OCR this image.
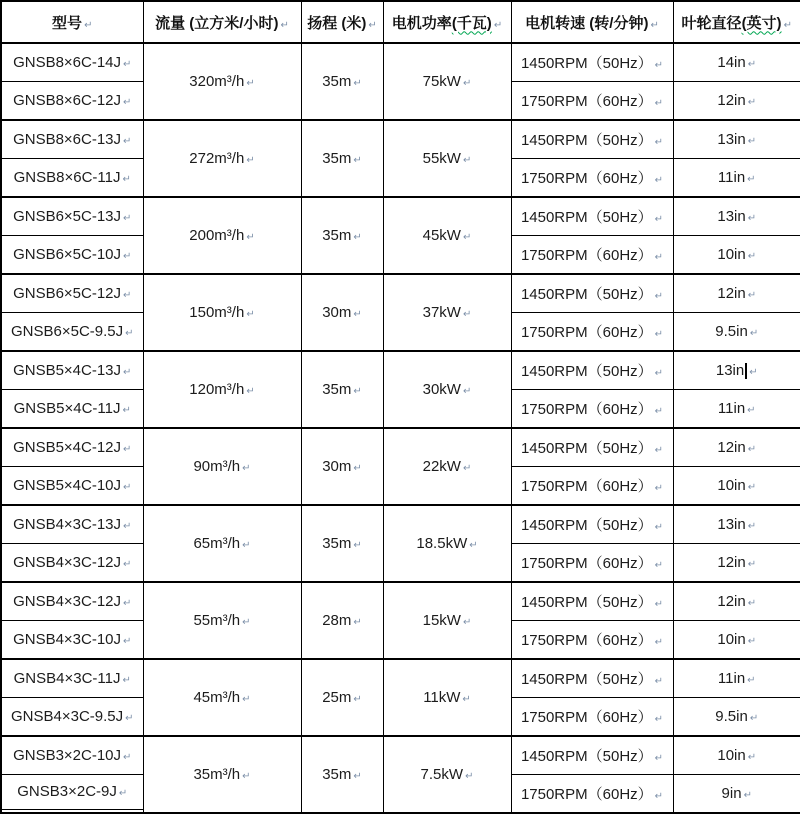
型号 ↵	流量 (立方米/小时) ↵	扬程 (米) ↵	电机功率(千瓦) ↵	电机转速 (转/分钟) ↵	叶轮直径(英寸) ↵
GNSB8×6C-14J ↵	320m³/h ↵	35m ↵	75kW ↵	1450RPM（50Hz） ↵	14in ↵
GNSB8×6C-12J ↵				1750RPM（60Hz） ↵	12in ↵
GNSB8×6C-13J ↵	272m³/h ↵	35m ↵	55kW ↵	1450RPM（50Hz） ↵	13in ↵
GNSB8×6C-11J ↵				1750RPM（60Hz） ↵	11in ↵
GNSB6×5C-13J ↵	200m³/h ↵	35m ↵	45kW ↵	1450RPM（50Hz） ↵	13in ↵
GNSB6×5C-10J ↵				1750RPM（60Hz） ↵	10in ↵
GNSB6×5C-12J ↵	150m³/h ↵	30m ↵	37kW ↵	1450RPM（50Hz） ↵	12in ↵
GNSB6×5C-9.5J ↵				1750RPM（60Hz） ↵	9.5in ↵
GNSB5×4C-13J ↵	120m³/h ↵	35m ↵	30kW ↵	1450RPM（50Hz） ↵	13in ↵
GNSB5×4C-11J ↵				1750RPM（60Hz） ↵	11in ↵
GNSB5×4C-12J ↵	90m³/h ↵	30m ↵	22kW ↵	1450RPM（50Hz） ↵	12in ↵
GNSB5×4C-10J ↵				1750RPM（60Hz） ↵	10in ↵
GNSB4×3C-13J ↵	65m³/h ↵	35m ↵	18.5kW ↵	1450RPM（50Hz） ↵	13in ↵
GNSB4×3C-12J ↵				1750RPM（60Hz） ↵	12in ↵
GNSB4×3C-12J ↵	55m³/h ↵	28m ↵	15kW ↵	1450RPM（50Hz） ↵	12in ↵
GNSB4×3C-10J ↵				1750RPM（60Hz） ↵	10in ↵
GNSB4×3C-11J ↵	45m³/h ↵	25m ↵	11kW ↵	1450RPM（50Hz） ↵	11in ↵
GNSB4×3C-9.5J ↵				1750RPM（60Hz） ↵	9.5in ↵
GNSB3×2C-10J ↵	35m³/h ↵	35m ↵	7.5kW ↵	1450RPM（50Hz） ↵	10in ↵
GNSB3×2C-9J ↵				1750RPM（60Hz） ↵	9in ↵
